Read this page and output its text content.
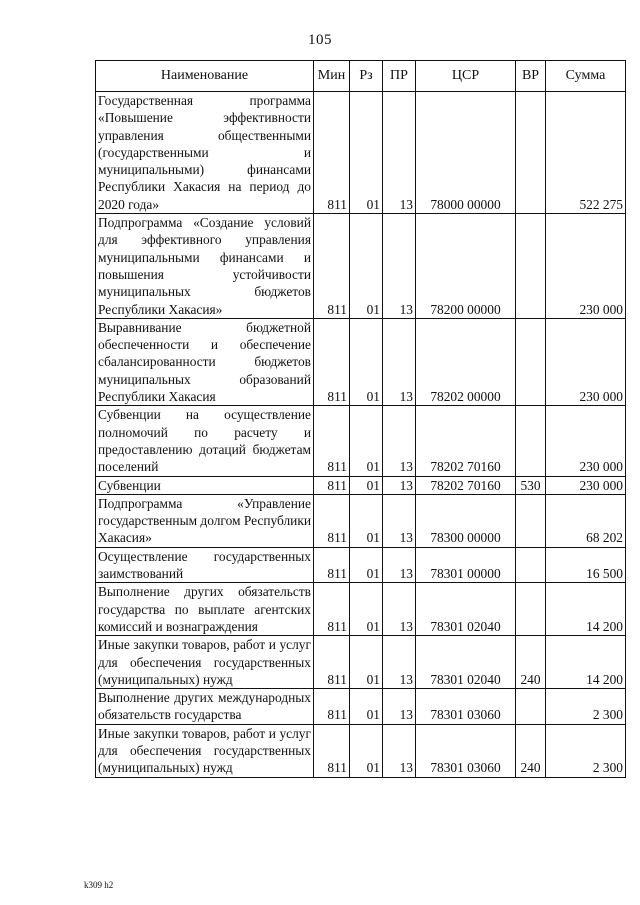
105
Наименование	Мин	Рз	ПР	ЦСР	ВР	Сумма
Государственная программа «Повышение эффективности управления общественными (государственными и муниципальными) финансами Республики Хакасия на период до 2020 года»	811	01	13	78000 00000		522 275
Подпрограмма «Создание условий для эффективного управления муниципальными финансами и повышения устойчивости муниципальных бюджетов Республики Хакасия»	811	01	13	78200 00000		230 000
Выравнивание бюджетной обеспеченности и обеспечение сбалансированности бюджетов муниципальных образований Республики Хакасия	811	01	13	78202 00000		230 000
Субвенции на осуществление полномочий по расчету и предоставлению дотаций бюджетам поселений	811	01	13	78202 70160		230 000
Субвенции	811	01	13	78202 70160	530	230 000
Подпрограмма «Управление государственным долгом Республики Хакасия»	811	01	13	78300 00000		68 202
Осуществление государственных заимствований	811	01	13	78301 00000		16 500
Выполнение других обязательств государства по выплате агентских комиссий и вознаграждения	811	01	13	78301 02040		14 200
Иные закупки товаров, работ и услуг для обеспечения государственных (муниципальных) нужд	811	01	13	78301 02040	240	14 200
Выполнение других международных обязательств государства	811	01	13	78301 03060		2 300
Иные закупки товаров, работ и услуг для обеспечения государственных (муниципальных) нужд	811	01	13	78301 03060	240	2 300
k309 h2
